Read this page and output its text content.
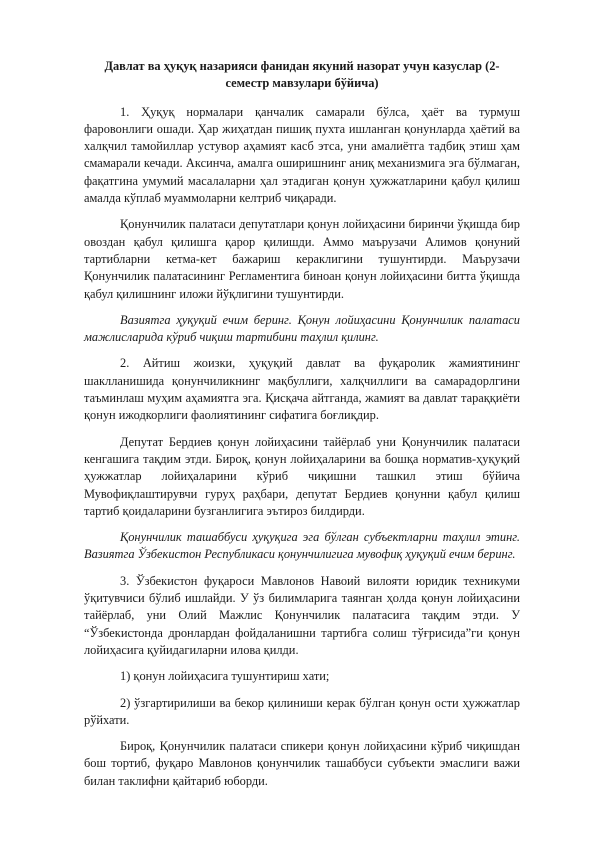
Давлат ва ҳуқуқ назарияси фанидан якуний назорат учун казуслар (2-семестр мавзулари бўйича)

1. Ҳуқуқ нормалари қанчалик самарали бўлса, ҳаёт ва турмуш фаровонлиги ошади. Ҳар жиҳатдан пишиқ пухта ишланган қонунларда ҳаётий ва халқчил тамойиллар устувор аҳамият касб этса, уни амалиётга тадбиқ этиш ҳам смамарали кечади. Аксинча, амалга оширишнинг аниқ механизмига эга бўлмаган, фақатгина умумий масалаларни ҳал этадиган қонун ҳужжатларини қабул қилиш амалда кўплаб муаммоларни келтриб чиқаради.

Қонунчилик палатаси депутатлари қонун лойиҳасини биринчи ўқишда бир овоздан қабул қилишга қарор қилишди. Аммо маърузачи Алимов қонуний тартибларни кетма-кет бажариш кераклигини тушунтирди. Маърузачи Қонунчилик палатасининг Регламентига биноан қонун лойиҳасини битта ўқишда қабул қилишнинг иложи йўқлигини тушунтирди.

Вазиятга ҳуқуқий ечим беринг. Қонун лойиҳасини Қонунчилик палатаси мажлисларида кўриб чиқиш тартибини таҳлил қилинг.

2. Айтиш жоизки, ҳуқуқий давлат ва фуқаролик жамиятининг шаклланишида қонунчиликнинг мақбуллиги, халқчиллиги ва самарадорлгини таъминлаш муҳим аҳамиятга эга. Қисқача айтганда, жамият ва давлат тараққиёти қонун ижодкорлиги фаолиятининг сифатига боғлиқдир.

Депутат Бердиев қонун лойиҳасини тайёрлаб уни Қонунчилик палатаси кенгашига тақдим этди. Бироқ, қонун лойиҳаларини ва бошқа норматив-ҳуқуқий ҳужжатлар лойиҳаларини кўриб чиқишни ташкил этиш бўйича Мувофиқлаштирувчи гуруҳ раҳбари, депутат Бердиев қонунни қабул қилиш тартиб қоидаларини бузганлигига эътироз билдирди.

Қонунчилик ташаббуси ҳуқуқига эга бўлган субъектларни таҳлил этинг. Вазиятга Ўзбекистон Республикаси қонунчилигига мувофиқ ҳуқуқий ечим беринг.

3. Ўзбекистон фуқароси Мавлонов Навоий вилояти юридик техникуми ўқитувчиси бўлиб ишлайди. У ўз билимларига таянган ҳолда қонун лойиҳасини тайёрлаб, уни Олий Мажлис Қонунчилик палатасига тақдим этди. У “Ўзбекистонда дронлардан фойдаланишни тартибга солиш тўғрисида”ги қонун лойиҳасига қуйидагиларни илова қилди.

1) қонун лойиҳасига тушунтириш хати;

2) ўзгартирилиши ва бекор қилиниши керак бўлган қонун ости ҳужжатлар рўйхати.

Бироқ, Қонунчилик палатаси спикери қонун лойиҳасини кўриб чиқишдан бош тортиб, фуқаро Мавлонов қонунчилик ташаббуси субъекти эмаслиги важи билан таклифни қайтариб юборди.
